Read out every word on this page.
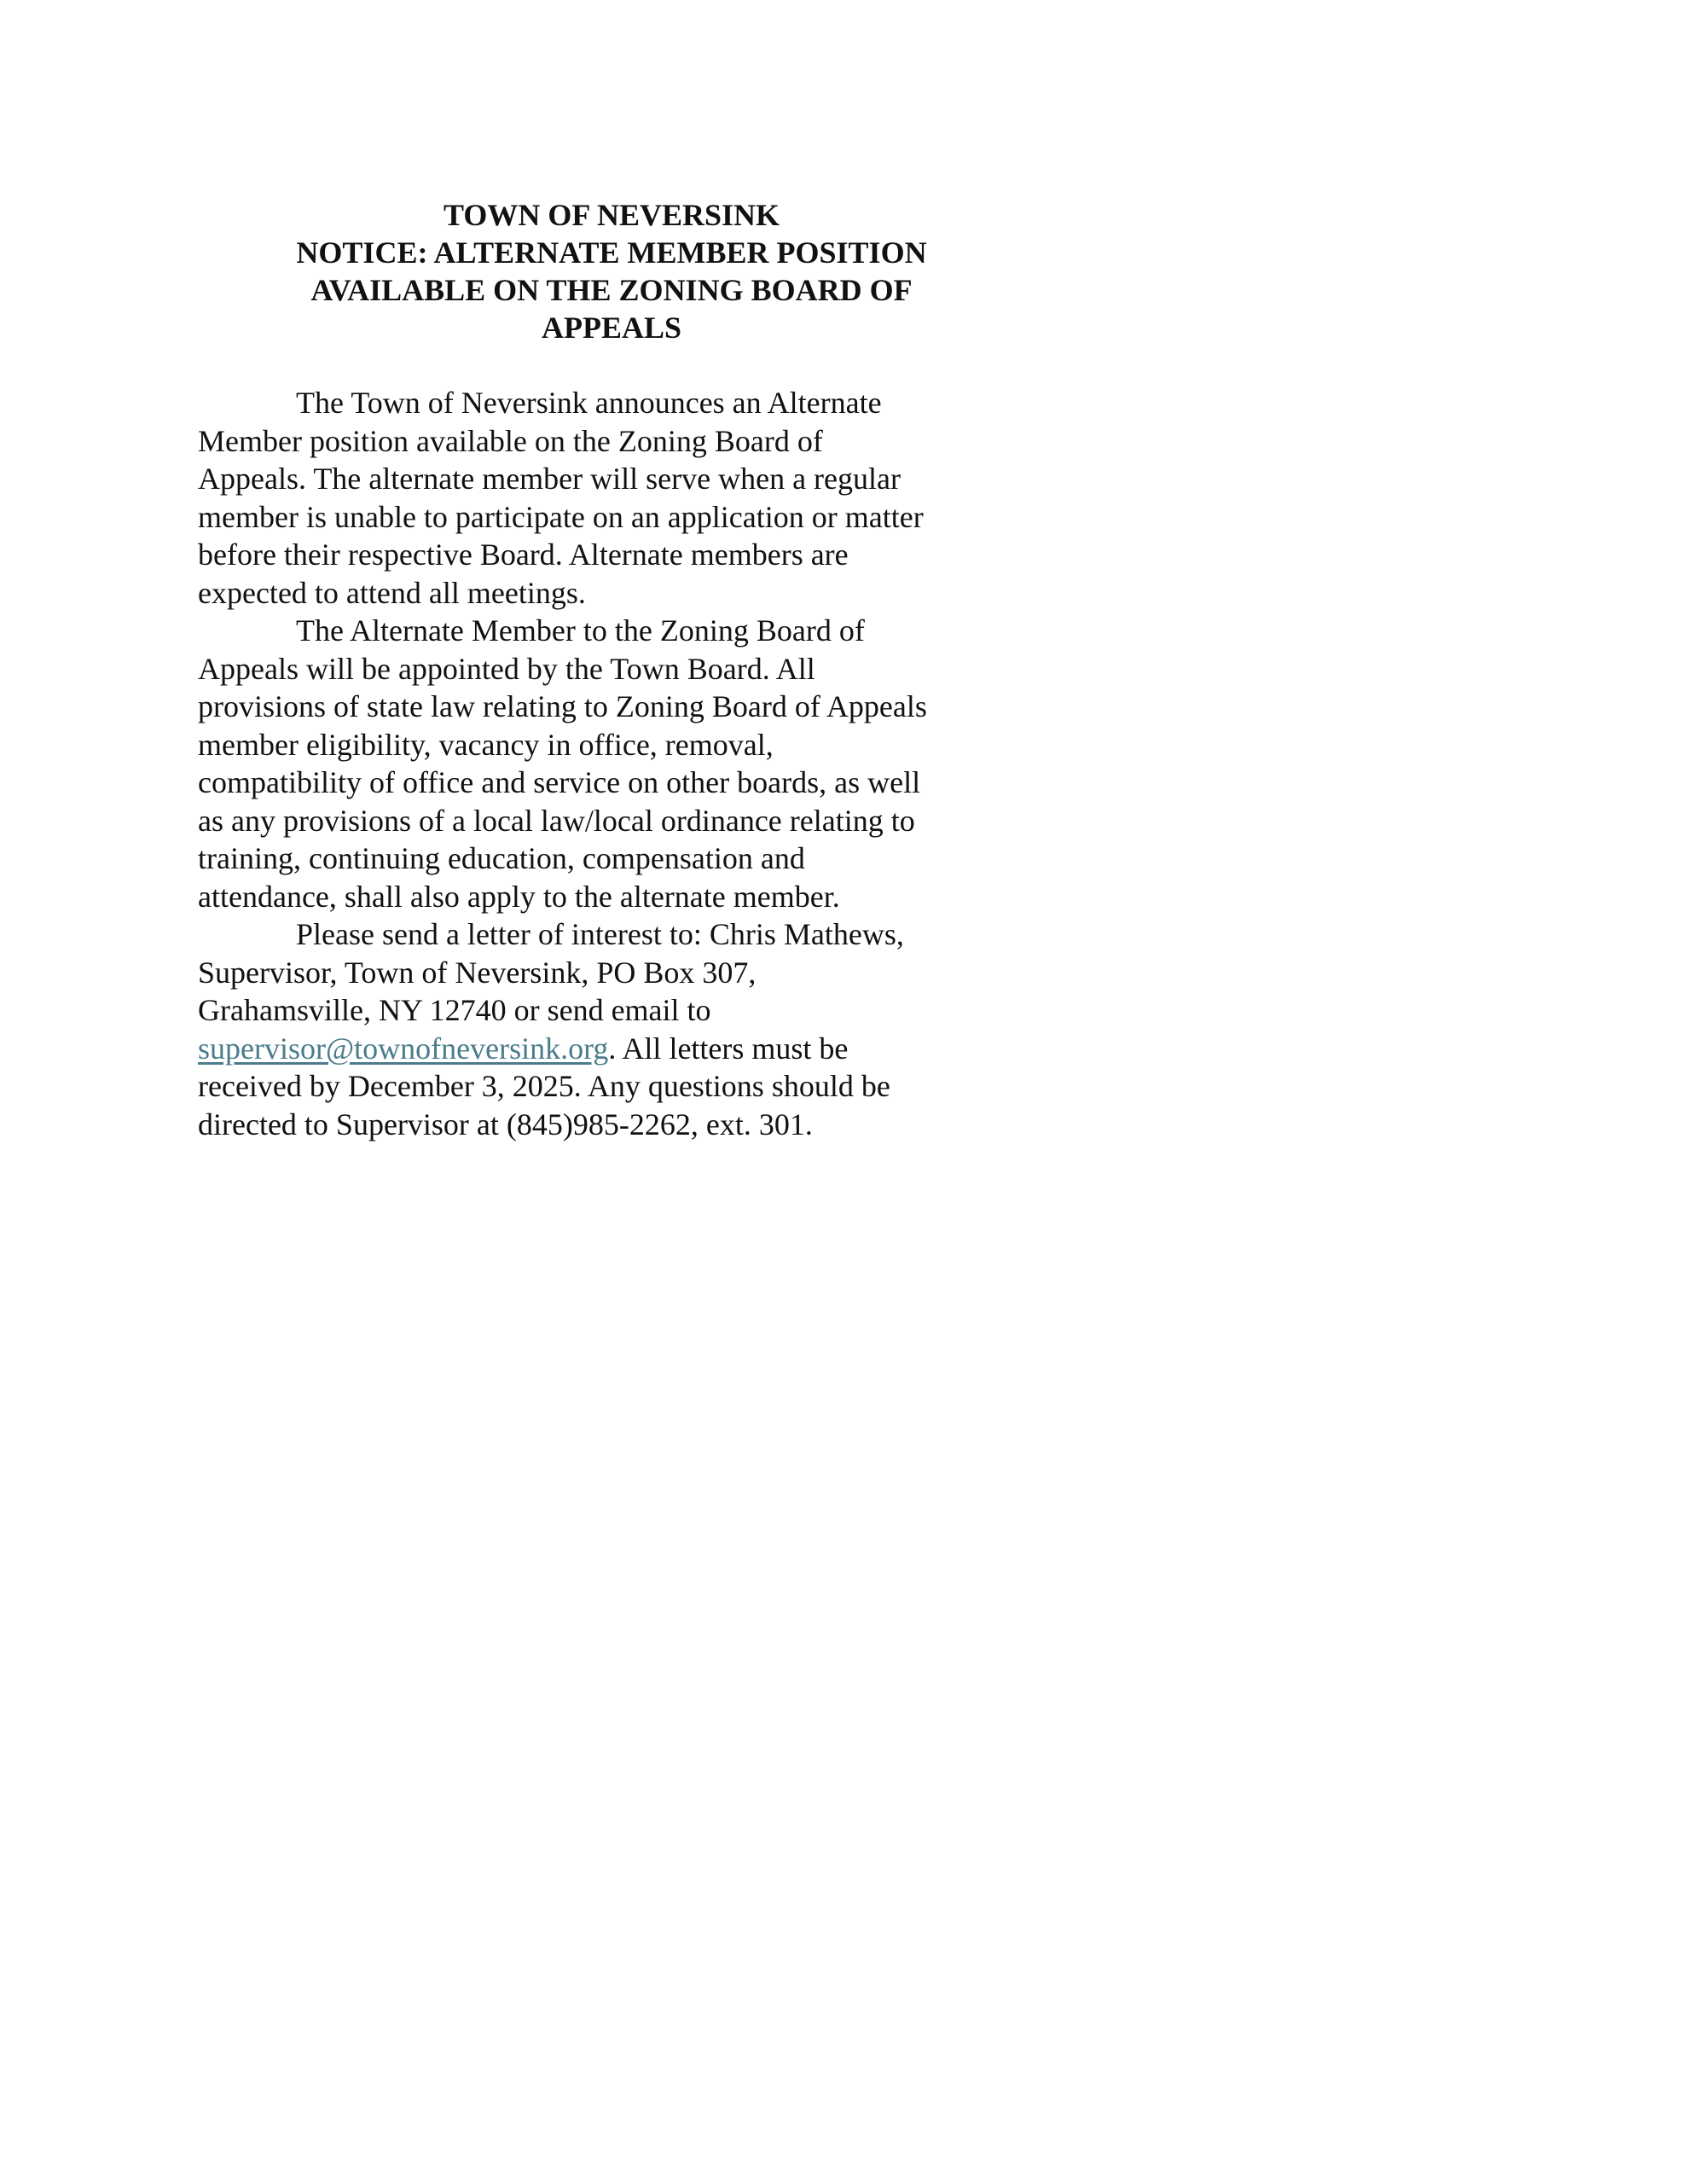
TOWN OF NEVERSINK
NOTICE: ALTERNATE MEMBER POSITION
AVAILABLE ON THE ZONING BOARD OF
APPEALS

The Town of Neversink announces an Alternate
Member position available on the Zoning Board of
Appeals. The alternate member will serve when a regular
member is unable to participate on an application or matter
before their respective Board. Alternate members are
expected to attend all meetings.

The Alternate Member to the Zoning Board of
Appeals will be appointed by the Town Board. All
provisions of state law relating to Zoning Board of Appeals
member eligibility, vacancy in office, removal,
compatibility of office and service on other boards, as well
as any provisions of a local law/local ordinance relating to
training, continuing education, compensation and
attendance, shall also apply to the alternate member.

Please send a letter of interest to: Chris Mathews,
Supervisor, Town of Neversink, PO Box 307,
Grahamsville, NY 12740 or send email to
supervisor@townofneversink.org. All letters must be
received by December 3, 2025. Any questions should be
directed to Supervisor at (845)985-2262, ext. 301.
